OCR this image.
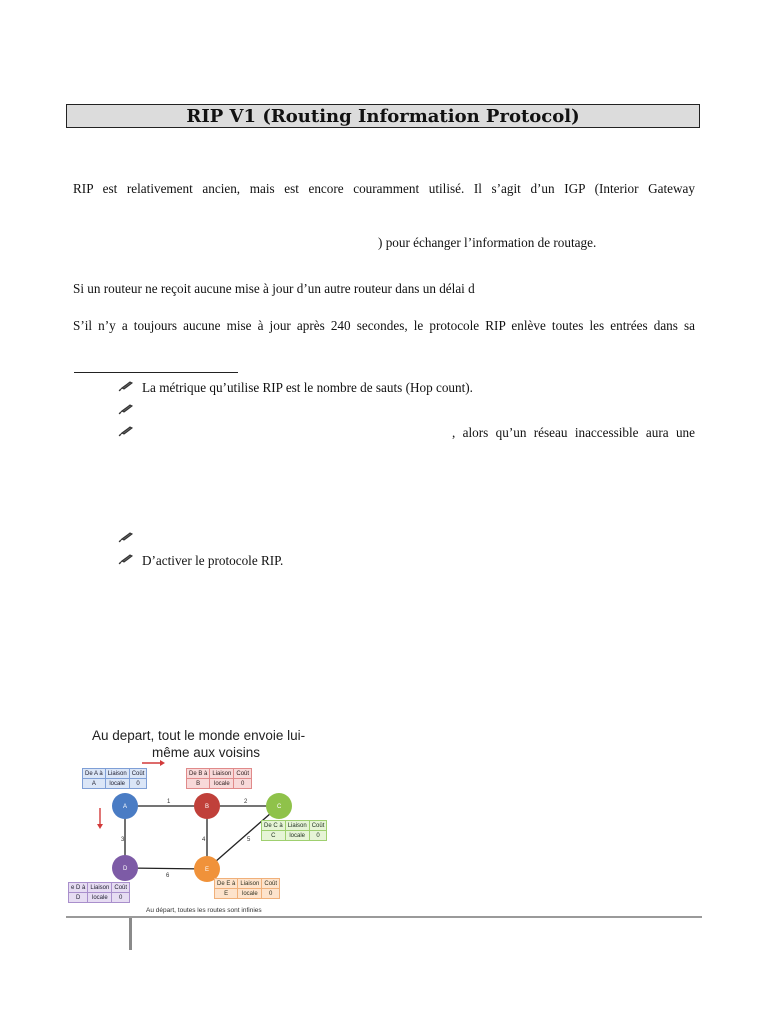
RIP V1 (Routing Information Protocol)
RIP est relativement ancien, mais est encore couramment utilisé. Il s’agit d’un IGP (Interior Gateway
) pour échanger l’information de routage.
Si un routeur ne reçoit aucune mise à jour d’un autre routeur dans un délai d
S’il n’y a toujours aucune mise à jour après 240 secondes, le protocole RIP enlève toutes les entrées dans sa
La métrique qu’utilise RIP est le nombre de sauts (Hop count).
, alors qu’un réseau inaccessible aura une
D’activer le protocole RIP.
Au depart, tout le monde envoie lui-
même aux voisins
1	2
3	4	5
6
A	B	C
D	E
De A à	Liaison	Coût
A	locale	0
De B à	Liaison	Coût
B	locale	0
De C à	Liaison	Coût
C	locale	0
e D à	Liaison	Coût
D	locale	0
De E à	Liaison	Coût
E	locale	0
Au départ, toutes les routes sont infinies
